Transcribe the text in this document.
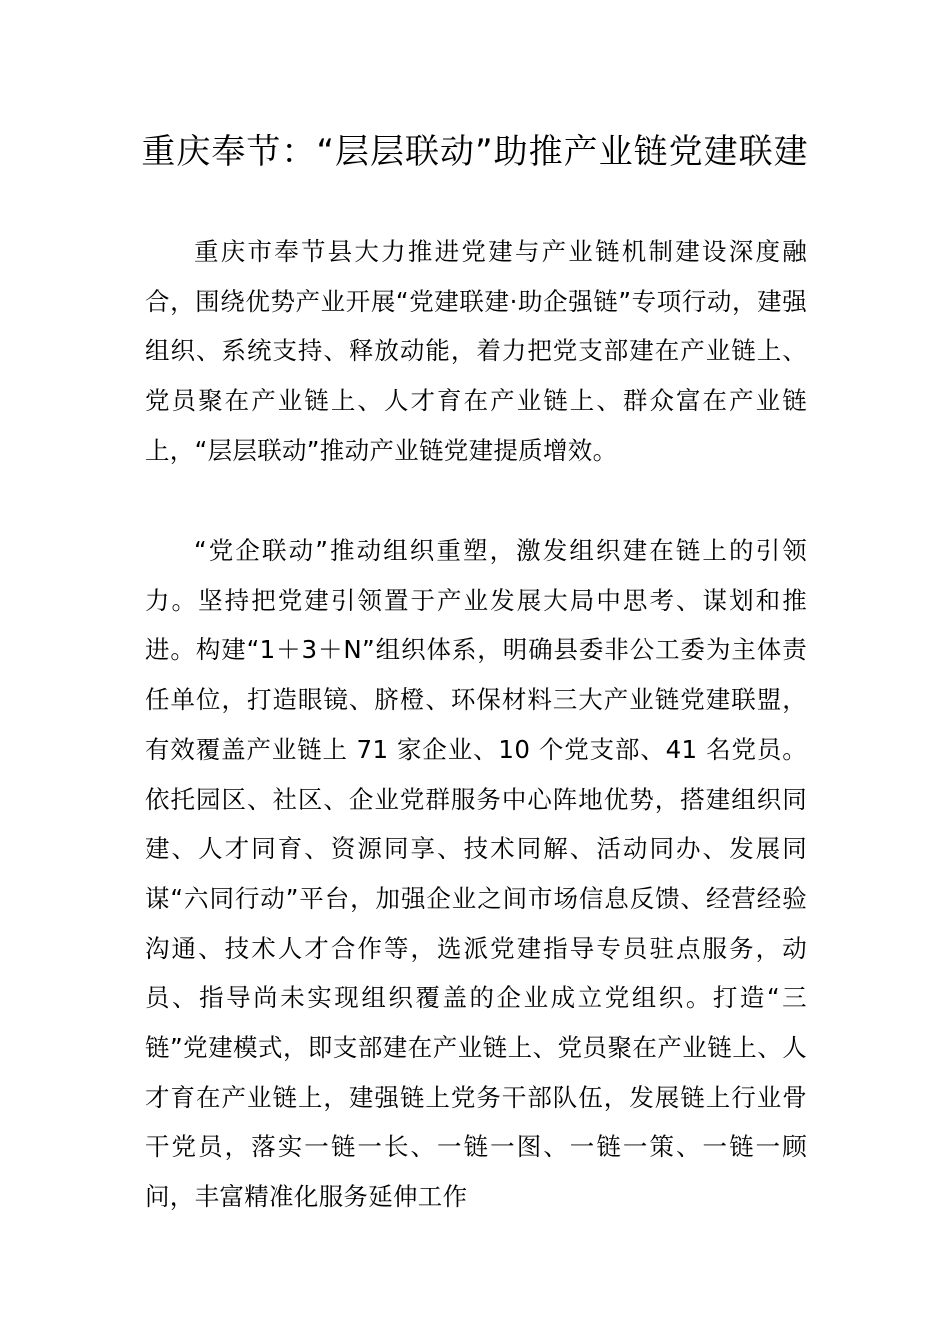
重庆奉节：“层层联动”助推产业链党建联建

重庆市奉节县大力推进党建与产业链机制建设深度融合，围绕优势产业开展“党建联建·助企强链”专项行动，建强组织、系统支持、释放动能，着力把党支部建在产业链上、党员聚在产业链上、人才育在产业链上、群众富在产业链上，“层层联动”推动产业链党建提质增效。

“党企联动”推动组织重塑，激发组织建在链上的引领力。坚持把党建引领置于产业发展大局中思考、谋划和推进。构建“1＋3＋N”组织体系，明确县委非公工委为主体责任单位，打造眼镜、脐橙、环保材料三大产业链党建联盟，有效覆盖产业链上 71 家企业、10 个党支部、41 名党员。依托园区、社区、企业党群服务中心阵地优势，搭建组织同建、人才同育、资源同享、技术同解、活动同办、发展同谋“六同行动”平台，加强企业之间市场信息反馈、经营经验沟通、技术人才合作等，选派党建指导专员驻点服务，动员、指导尚未实现组织覆盖的企业成立党组织。打造“三链”党建模式，即支部建在产业链上、党员聚在产业链上、人才育在产业链上，建强链上党务干部队伍，发展链上行业骨干党员，落实一链一长、一链一图、一链一策、一链一顾问，丰富精准化服务延伸工作
